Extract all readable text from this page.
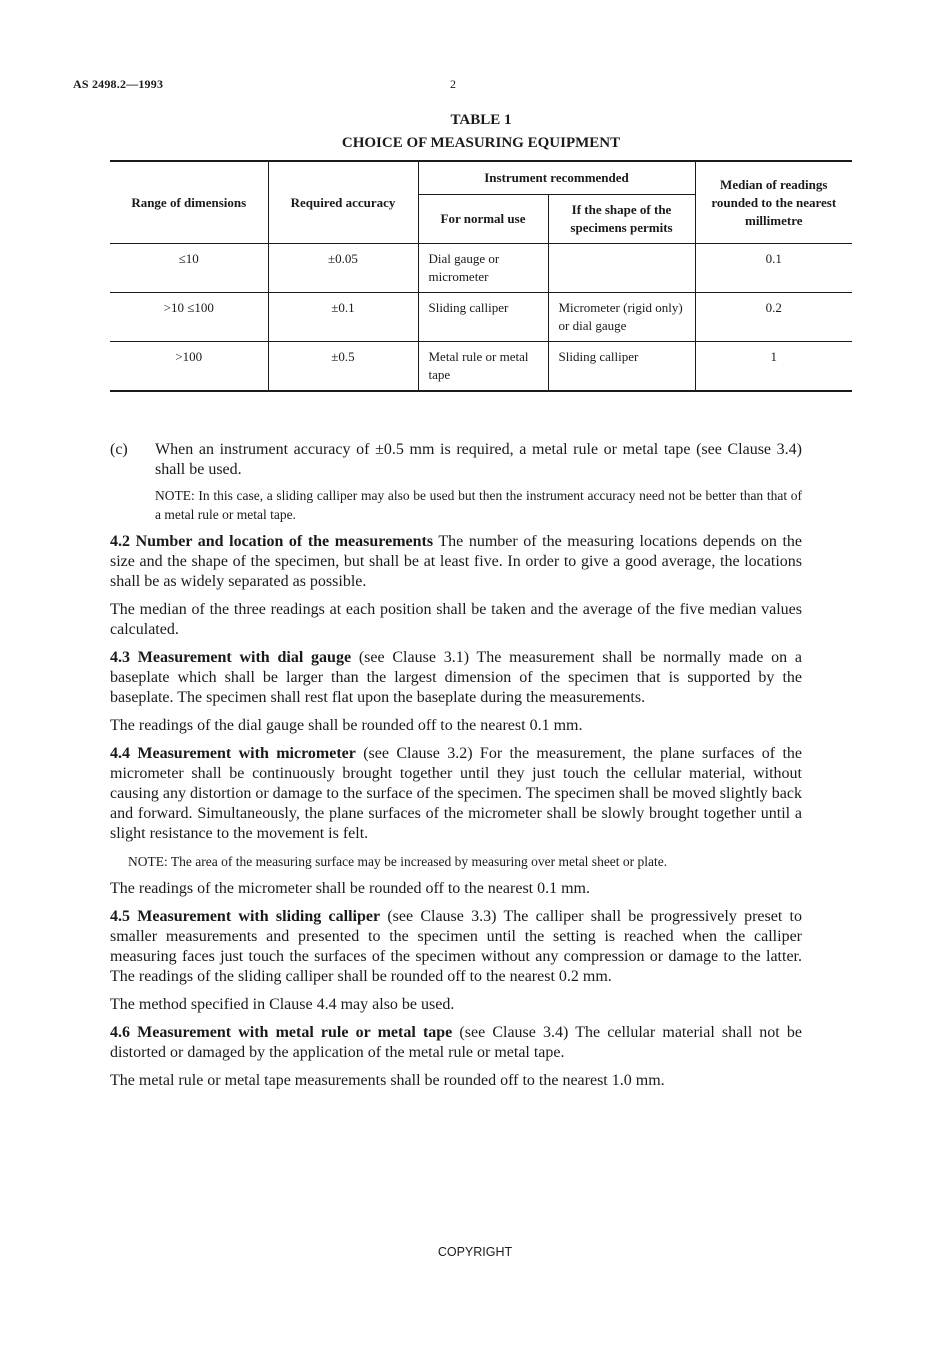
AS 2498.2—1993	2
TABLE 1
CHOICE OF MEASURING EQUIPMENT
Range of dimensions	Required accuracy	Instrument recommended		Median of readings rounded to the nearest millimetre
		For normal use	If the shape of the specimens permits	
≤10	±0.05	Dial gauge or micrometer		0.1
>10 ≤100	±0.1	Sliding calliper	Micrometer (rigid only) or dial gauge	0.2
>100	±0.5	Metal rule or metal tape	Sliding calliper	1
(c)	When an instrument accuracy of ±0.5 mm is required, a metal rule or metal tape (see Clause 3.4) shall be used.

NOTE: In this case, a sliding calliper may also be used but then the instrument accuracy need not be better than that of a metal rule or metal tape.

4.2 Number and location of the measurements The number of the measuring locations depends on the size and the shape of the specimen, but shall be at least five. In order to give a good average, the locations shall be as widely separated as possible.

The median of the three readings at each position shall be taken and the average of the five median values calculated.

4.3 Measurement with dial gauge (see Clause 3.1) The measurement shall be normally made on a baseplate which shall be larger than the largest dimension of the specimen that is supported by the baseplate. The specimen shall rest flat upon the baseplate during the measurements.

The readings of the dial gauge shall be rounded off to the nearest 0.1 mm.

4.4 Measurement with micrometer (see Clause 3.2) For the measurement, the plane surfaces of the micrometer shall be continuously brought together until they just touch the cellular material, without causing any distortion or damage to the surface of the specimen. The specimen shall be moved slightly back and forward. Simultaneously, the plane surfaces of the micrometer shall be slowly brought together until a slight resistance to the movement is felt.

NOTE: The area of the measuring surface may be increased by measuring over metal sheet or plate.

The readings of the micrometer shall be rounded off to the nearest 0.1 mm.

4.5 Measurement with sliding calliper (see Clause 3.3) The calliper shall be progressively preset to smaller measurements and presented to the specimen until the setting is reached when the calliper measuring faces just touch the surfaces of the specimen without any compression or damage to the latter. The readings of the sliding calliper shall be rounded off to the nearest 0.2 mm.

The method specified in Clause 4.4 may also be used.

4.6 Measurement with metal rule or metal tape (see Clause 3.4) The cellular material shall not be distorted or damaged by the application of the metal rule or metal tape.

The metal rule or metal tape measurements shall be rounded off to the nearest 1.0 mm.

COPYRIGHT
